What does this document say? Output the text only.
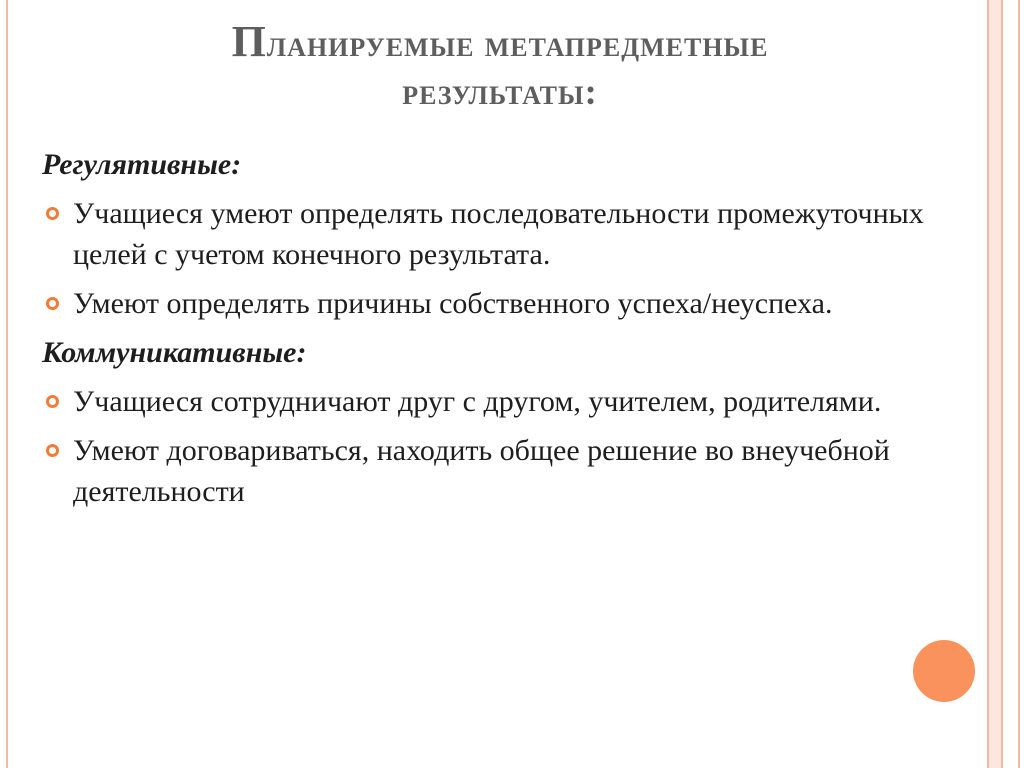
Планируемые метапредметные
результаты:
Регулятивные:
Учащиеся умеют определять последовательности промежуточных целей с учетом конечного результата.
Умеют определять причины собственного успеха/неуспеха.
Коммуникативные:
Учащиеся сотрудничают друг с другом, учителем, родителями.
Умеют договариваться, находить общее решение во внеучебной деятельности
